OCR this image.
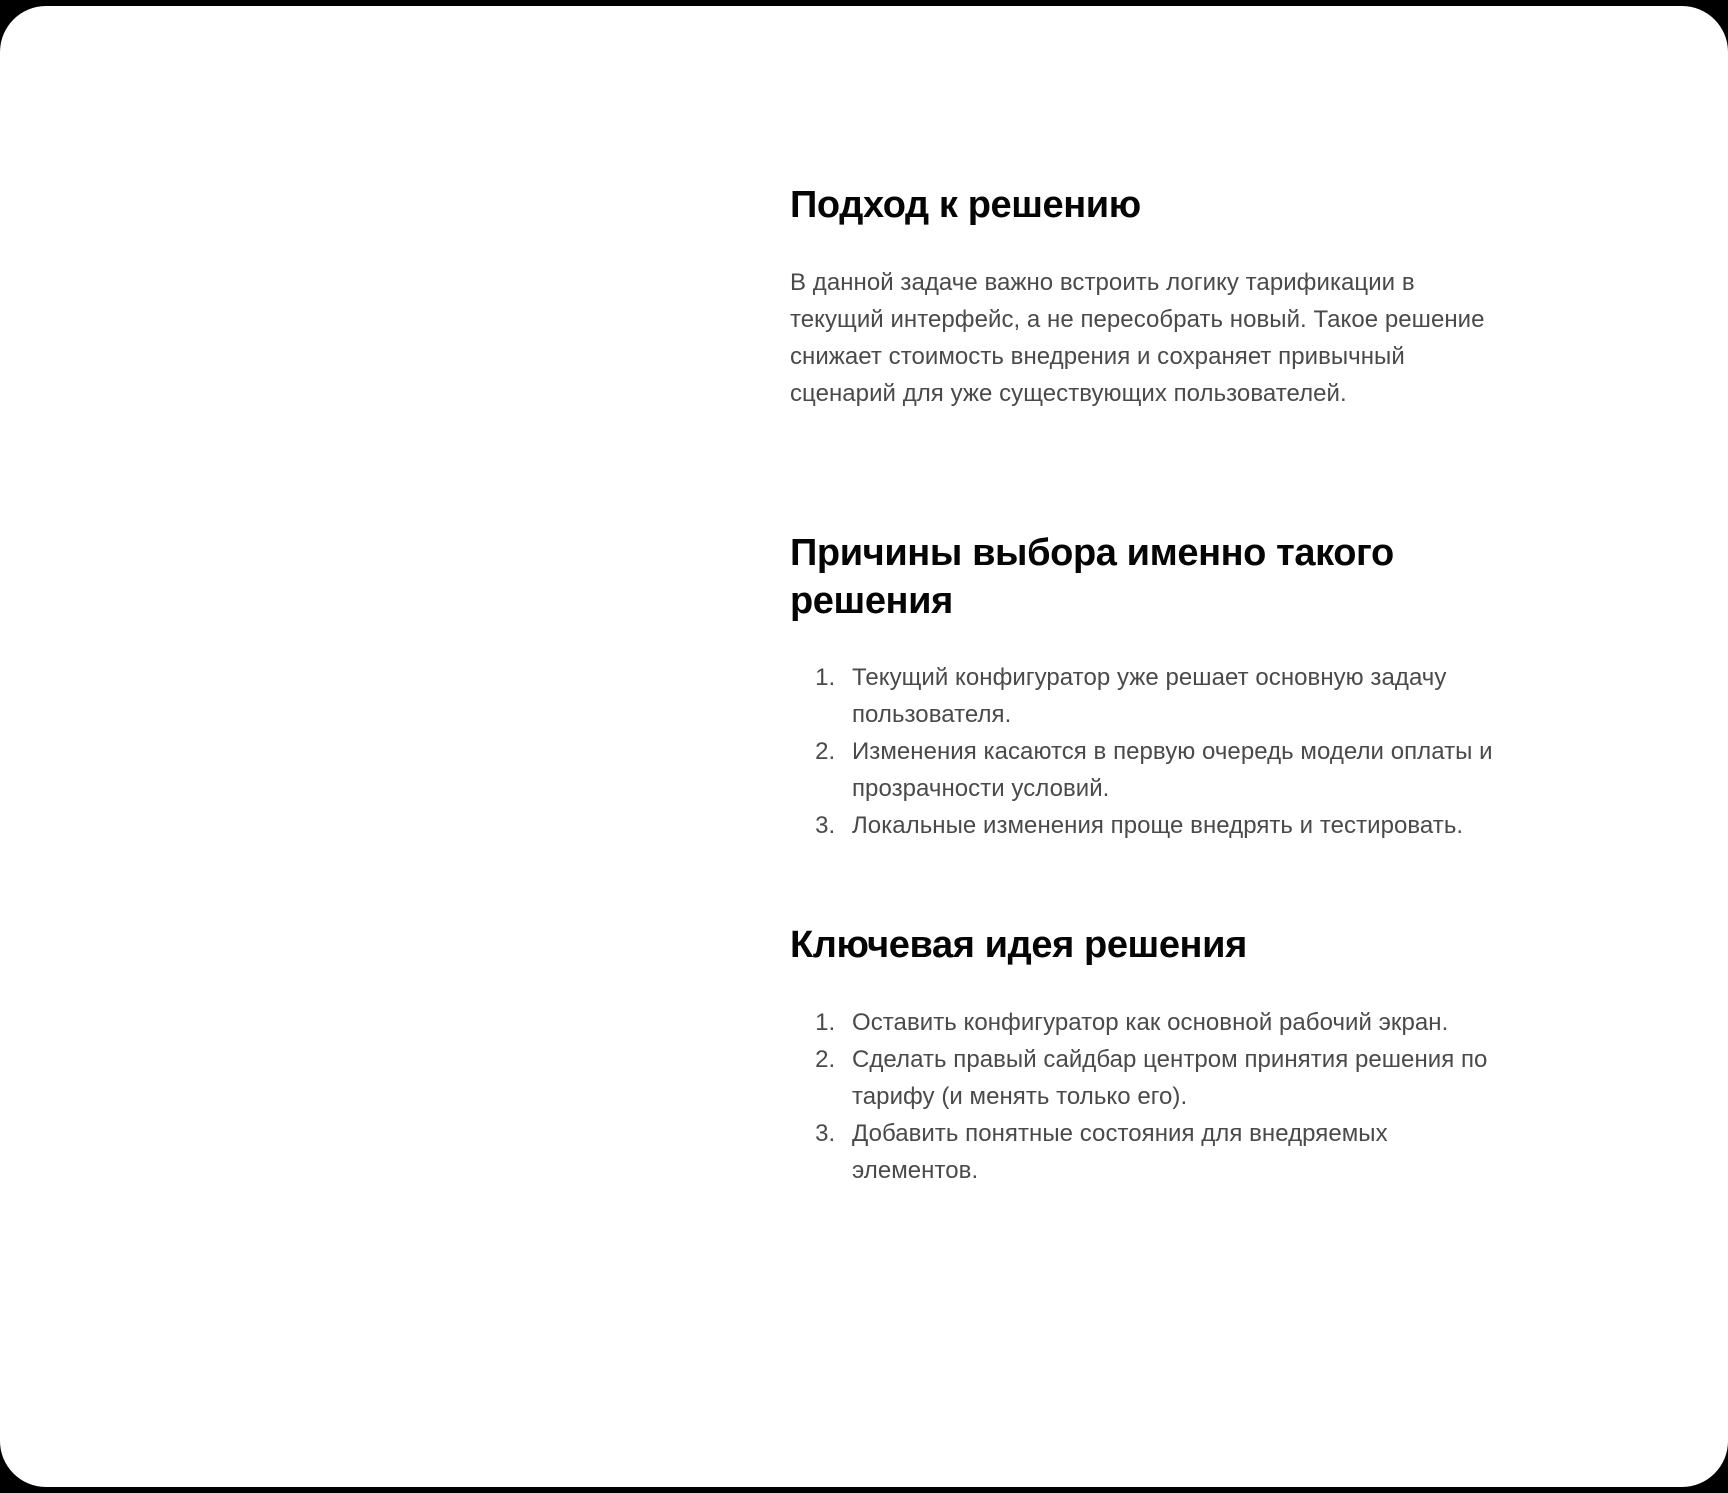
Подход к решению

В данной задаче важно встроить логику тарификации в текущий интерфейс, а не пересобрать новый. Такое решение снижает стоимость внедрения и сохраняет привычный сценарий для уже существующих пользователей.

Причины выбора именно такого решения
1. Текущий конфигуратор уже решает основную задачу пользователя.
2. Изменения касаются в первую очередь модели оплаты и прозрачности условий.
3. Локальные изменения проще внедрять и тестировать.
Ключевая идея решения
1. Оставить конфигуратор как основной рабочий экран.
2. Сделать правый сайдбар центром принятия решения по тарифу (и менять только его).
3. Добавить понятные состояния для внедряемых элементов.
